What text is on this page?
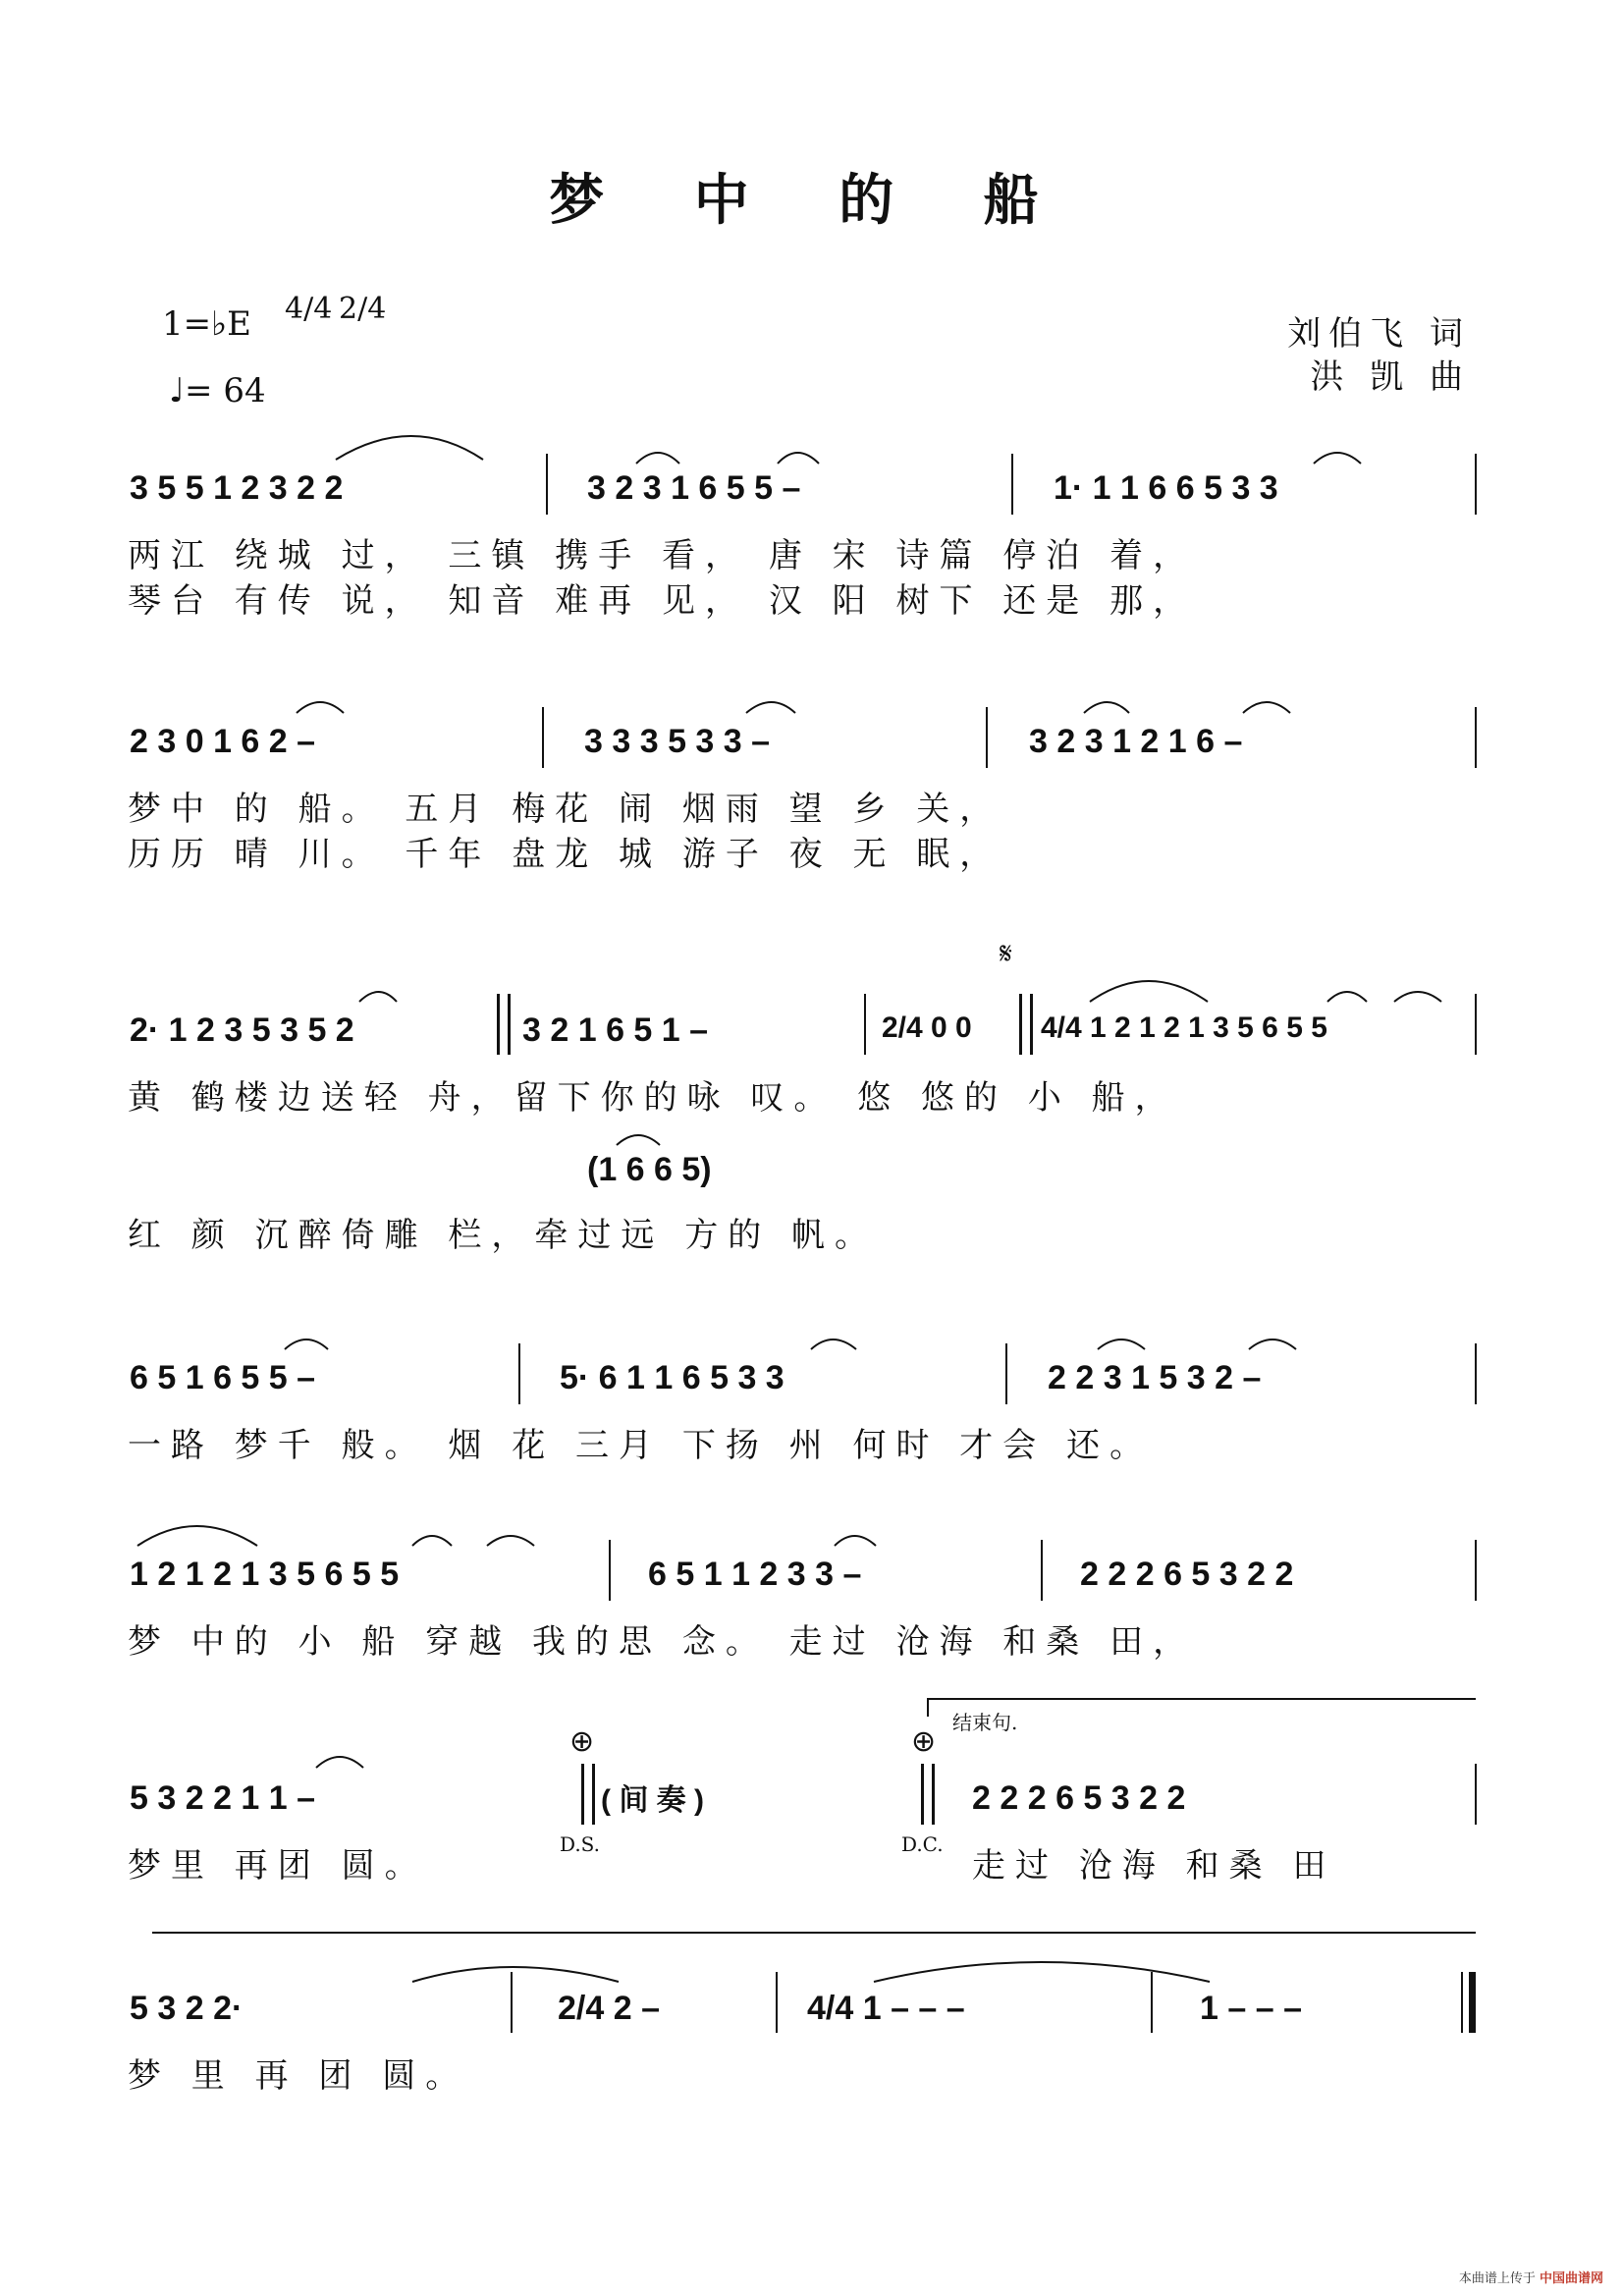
梦 中 的 船
1=♭E 4/4 2/4
♩= 64
刘伯飞 词
洪 凯 曲
3 5 5 1 2 3 2 2	3 2 3 1 6 5 5 –	1· 1 1 6 6 5 3 3
两江 绕城 过， 三镇 携手 看， 唐 宋 诗篇 停泊 着，
琴台 有传 说， 知音 难再 见， 汉 阳 树下 还是 那，
2 3 0 1 6 2 –	3 3 3 5 3 3 –	3 2 3 1 2 1 6 –
梦中 的 船。 五月 梅花 闹 烟雨 望 乡 关，
历历 晴 川。 千年 盘龙 城 游子 夜 无 眠，
𝄋
2· 1 2 3 5 3 5 2	3 2 1 6 5 1 –	2/4 0 0 4/4 1 2 1 2 1 3 5 6 5 5
黄 鹤楼边送轻 舟，留下你的咏 叹。 悠 悠的 小 船，
(1 6 6 5)
红 颜 沉醉倚雕 栏，牵过远 方的 帆。
6 5 1 6 5 5 –	5· 6 1 1 6 5 3 3	2 2 3 1 5 3 2 –
一路 梦千 般。 烟 花 三月 下扬 州 何时 才会 还。
1 2 1 2 1 3 5 6 5 5	6 5 1 1 2 3 3 –	2 2 2 6 5 3 2 2
梦 中的 小 船 穿越 我的思 念。 走过 沧海 和桑 田，
结束句.
⊕	⊕
5 3 2 2 1 1 –	( 间 奏 )	2 2 2 6 5 3 2 2
梦里 再团 圆。
D.S.	D.C.
走过 沧海 和桑 田
5 3 2 2·	2/4 2 –	4/4 1 – – –	1 – – –
梦 里 再 团 圆。
本曲谱上传于 中国曲谱网
